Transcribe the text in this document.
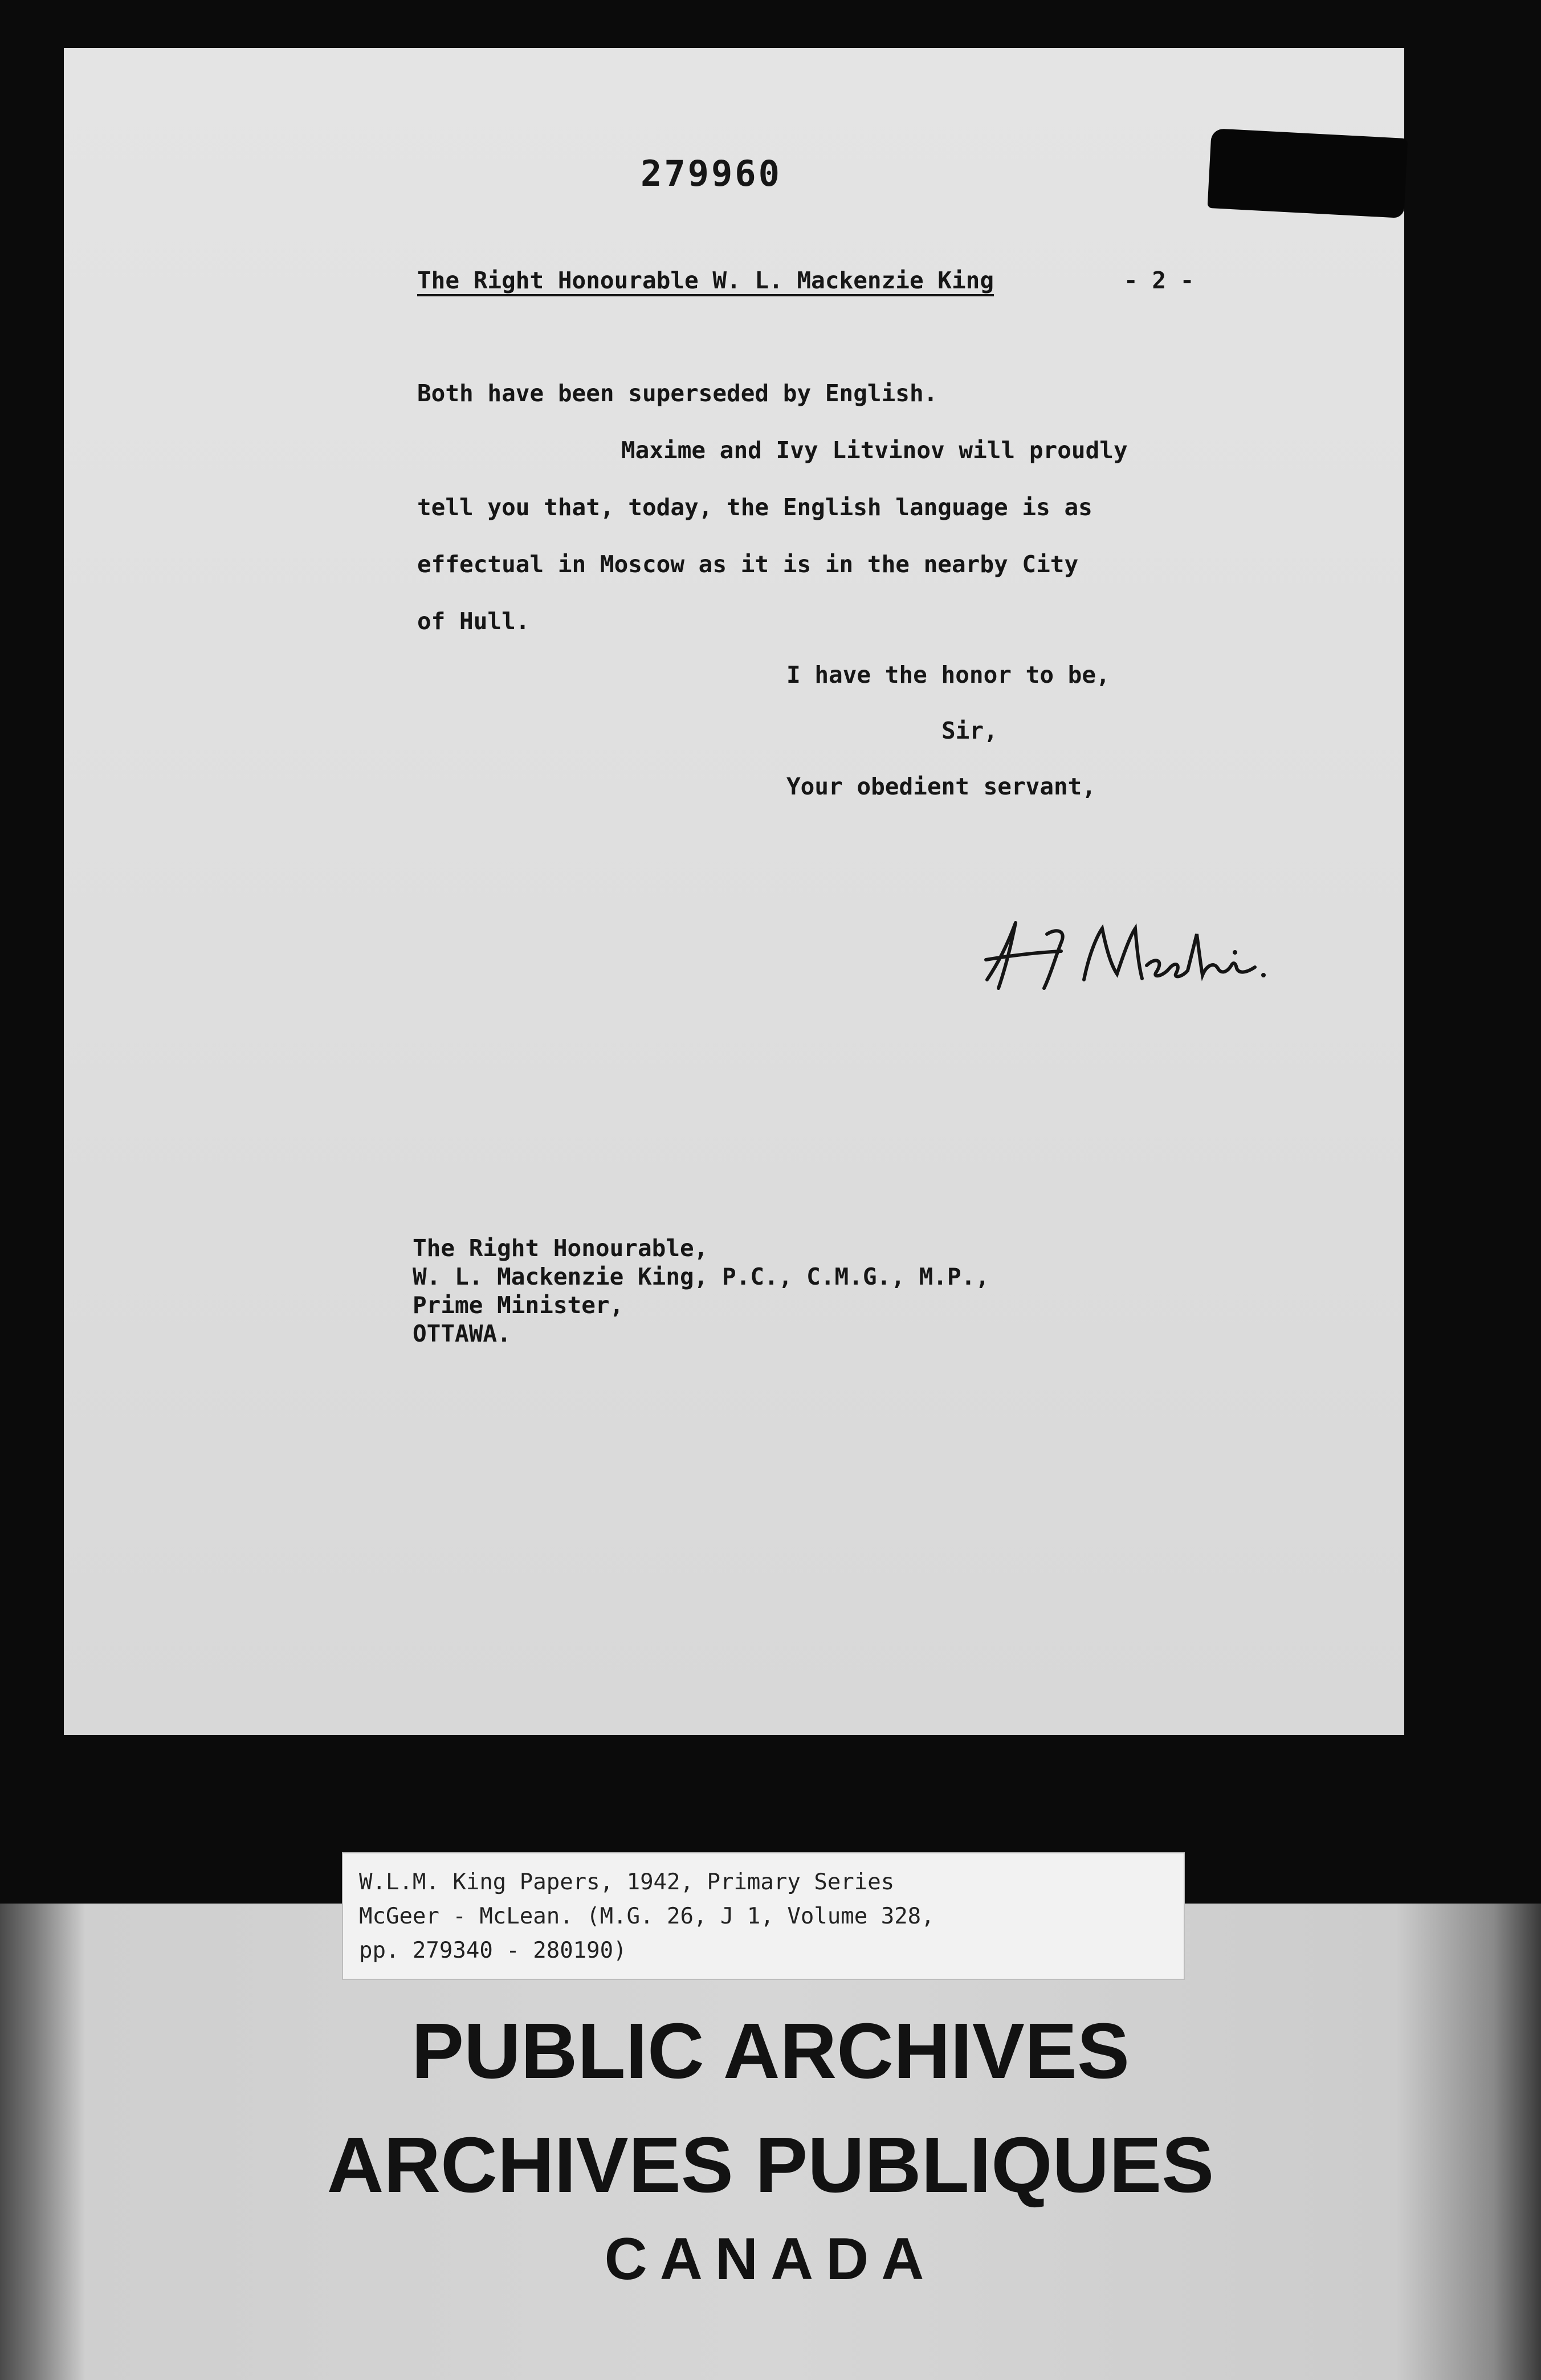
279960
The Right Honourable W. L. Mackenzie King	- 2 -
Both have been superseded by English.
Maxime and Ivy Litvinov will proudly
tell you that, today, the English language is as
effectual in Moscow as it is in the nearby City
of Hull.
I have the honor to be,
Sir,
Your obedient servant,
The Right Honourable,
W. L. Mackenzie King, P.C., C.M.G., M.P.,
Prime Minister,
OTTAWA.
W.L.M. King Papers, 1942, Primary Series
McGeer - McLean. (M.G. 26, J 1, Volume 328,
pp. 279340 - 280190)
PUBLIC ARCHIVES
ARCHIVES PUBLIQUES
CANADA
